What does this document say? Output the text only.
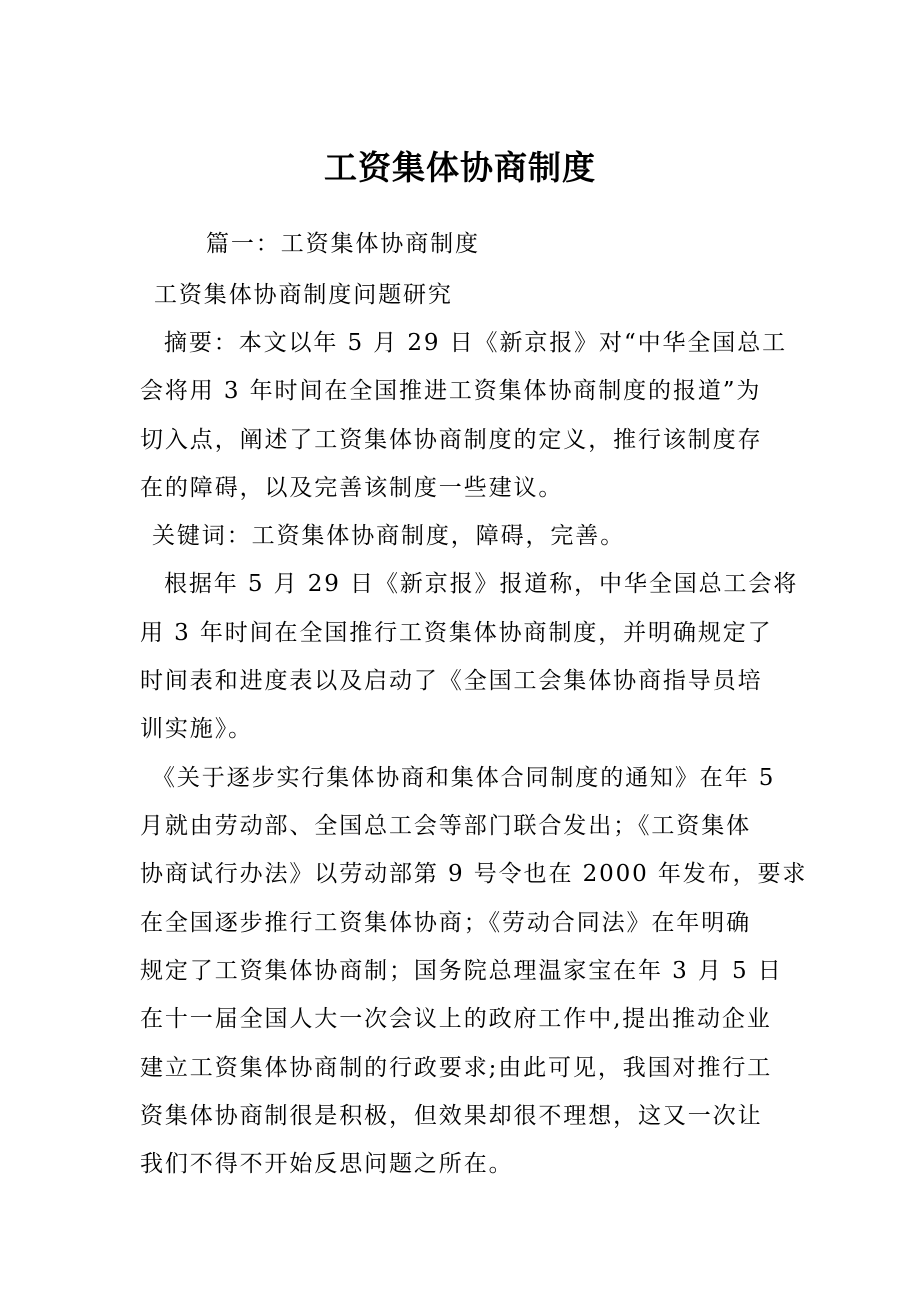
工资集体协商制度
篇一：工资集体协商制度
工资集体协商制度问题研究
摘要：本文以年 5 月 29 日《新京报》对“中华全国总工
会将用 3 年时间在全国推进工资集体协商制度的报道”为
切入点，阐述了工资集体协商制度的定义，推行该制度存
在的障碍，以及完善该制度一些建议。
关键词：工资集体协商制度，障碍，完善。
根据年 5 月 29 日《新京报》报道称，中华全国总工会将
用 3 年时间在全国推行工资集体协商制度，并明确规定了
时间表和进度表以及启动了《全国工会集体协商指导员培
训实施》。
《关于逐步实行集体协商和集体合同制度的通知》在年 5
月就由劳动部、全国总工会等部门联合发出；《工资集体
协商试行办法》以劳动部第 9 号令也在 2000 年发布，要求
在全国逐步推行工资集体协商；《劳动合同法》在年明确
规定了工资集体协商制；国务院总理温家宝在年 3 月 5 日
在十一届全国人大一次会议上的政府工作中,提出推动企业
建立工资集体协商制的行政要求;由此可见，我国对推行工
资集体协商制很是积极，但效果却很不理想，这又一次让
我们不得不开始反思问题之所在。
